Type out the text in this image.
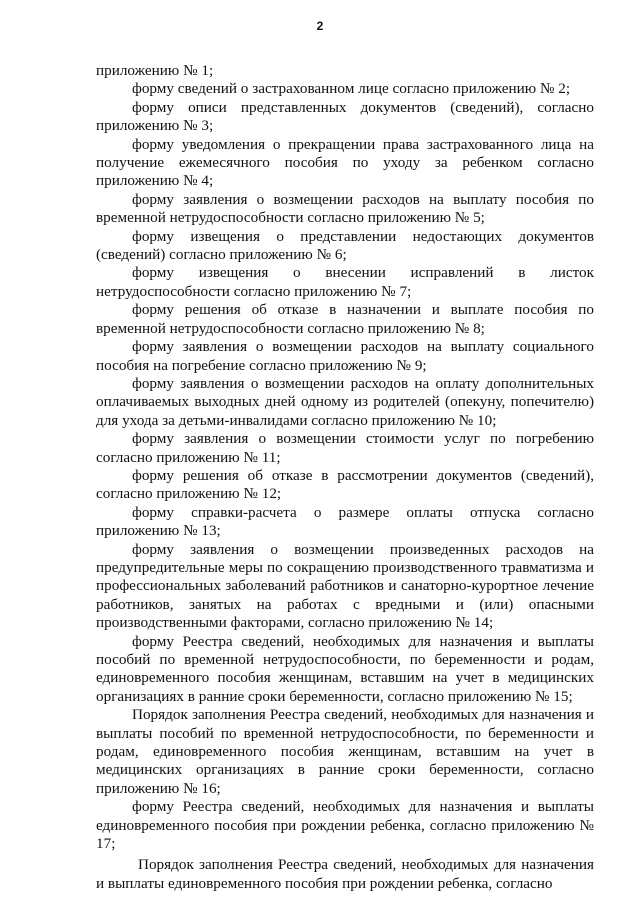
2

приложению № 1;

форму сведений о застрахованном лице согласно приложению № 2;

форму описи представленных документов (сведений), согласно приложению № 3;

форму уведомления о прекращении права застрахованного лица на получение ежемесячного пособия по уходу за ребенком согласно приложению № 4;

форму заявления о возмещении расходов на выплату пособия по временной нетрудоспособности согласно приложению № 5;

форму извещения о представлении недостающих документов (сведений) согласно приложению № 6;

форму извещения о внесении исправлений в листок нетрудоспособности согласно приложению № 7;

форму решения об отказе в назначении и выплате пособия по временной нетрудоспособности согласно приложению № 8;

форму заявления о возмещении расходов на выплату социального пособия на погребение согласно приложению № 9;

форму заявления о возмещении расходов на оплату дополнительных оплачиваемых выходных дней одному из родителей (опекуну, попечителю) для ухода за детьми-инвалидами согласно приложению № 10;

форму заявления о возмещении стоимости услуг по погребению согласно приложению № 11;

форму решения об отказе в рассмотрении документов (сведений), согласно приложению № 12;

форму справки-расчета о размере оплаты отпуска согласно приложению № 13;

форму заявления о возмещении произведенных расходов на предупредительные меры по сокращению производственного травматизма и профессиональных заболеваний работников и санаторно-курортное лечение работников, занятых на работах с вредными и (или) опасными производственными факторами, согласно приложению № 14;

форму Реестра сведений, необходимых для назначения и выплаты пособий по временной нетрудоспособности, по беременности и родам, единовременного пособия женщинам, вставшим на учет в медицинских организациях в ранние сроки беременности, согласно приложению № 15;

Порядок заполнения Реестра сведений, необходимых для назначения и выплаты пособий по временной нетрудоспособности, по беременности и родам, единовременного пособия женщинам, вставшим на учет в медицинских организациях в ранние сроки беременности, согласно приложению № 16;

форму Реестра сведений, необходимых для назначения и выплаты единовременного пособия при рождении ребенка, согласно приложению № 17;

Порядок заполнения Реестра сведений, необходимых для назначения и выплаты единовременного пособия при рождении ребенка, согласно
